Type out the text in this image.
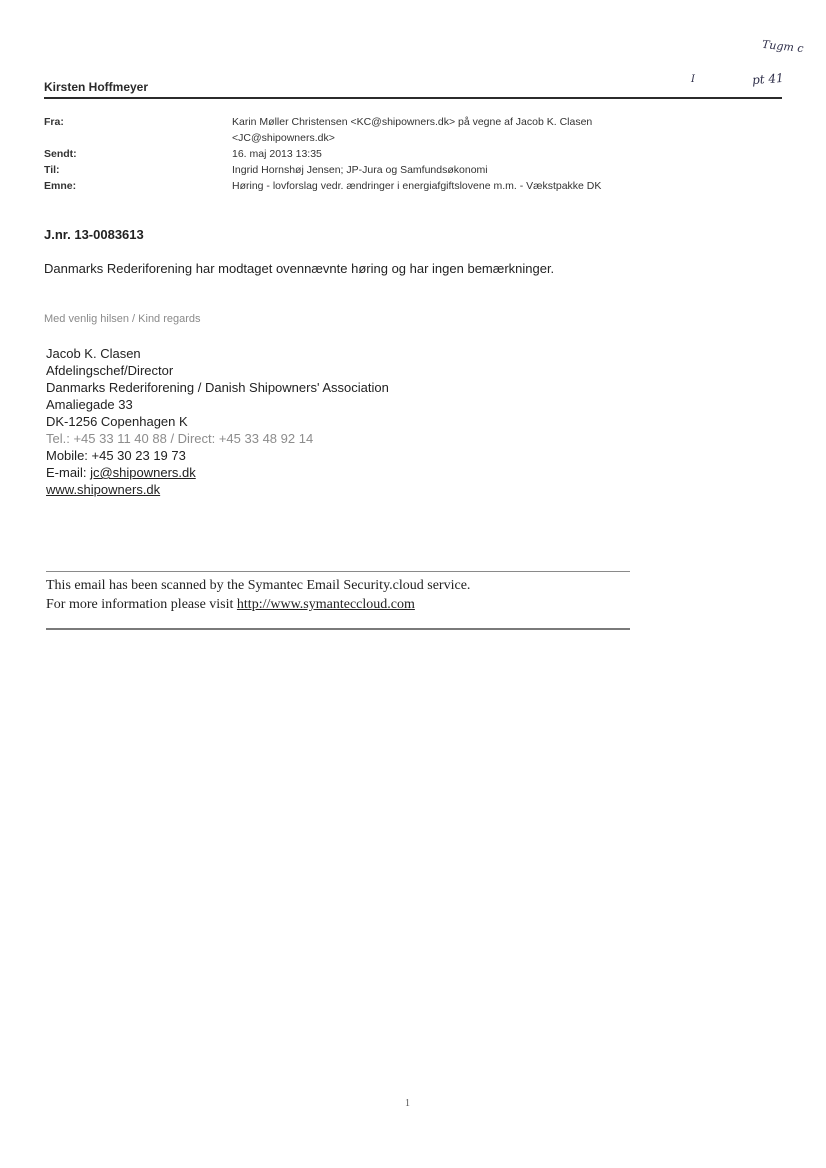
Tugm c
pt 41
I
Kirsten Hoffmeyer
Fra:	Karin Møller Christensen <KC@shipowners.dk> på vegne af Jacob K. Clasen
<JC@shipowners.dk>
Sendt:	16. maj 2013 13:35
Til:	Ingrid Hornshøj Jensen; JP-Jura og Samfundsøkonomi
Emne:	Høring - lovforslag vedr. ændringer i energiafgiftslovene m.m. - Vækstpakke DK
J.nr. 13-0083613
Danmarks Rederiforening har modtaget ovennævnte høring og har ingen bemærkninger.
Med venlig hilsen / Kind regards
Jacob K. Clasen
Afdelingschef/Director
Danmarks Rederiforening / Danish Shipowners' Association
Amaliegade 33
DK-1256 Copenhagen K
Tel.: +45 33 11 40 88 / Direct: +45 33 48 92 14
Mobile: +45 30 23 19 73
E-mail: jc@shipowners.dk
www.shipowners.dk
This email has been scanned by the Symantec Email Security.cloud service.
For more information please visit http://www.symanteccloud.com
1
